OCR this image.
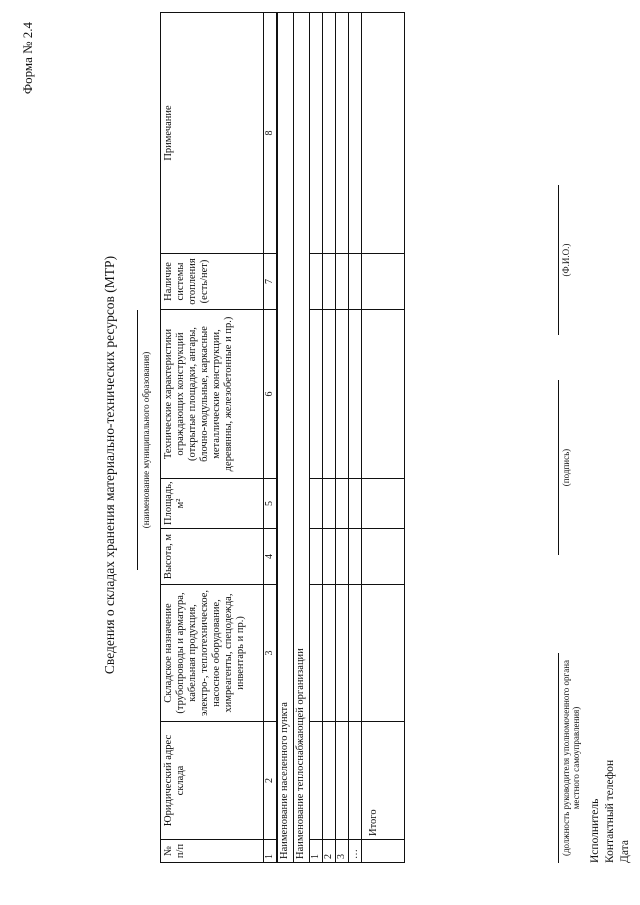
Форма № 2.4
Сведения о складах хранения материально-технических ресурсов (МТР)	(наименование муниципального образования)
№ п/п	Юридический адрес склада	Складское назначение (трубопроводы и арматура, кабельная продукция, электро-, теплотехническое, насосное оборудование, химреагенты, спецодежда, инвентарь и пр.)	Высота, м	Площадь, м²	Технические характеристики ограждающих конструкций (открытые площадки, ангары, блочно-модульные, каркасные металлические конструкции, деревянны, железобетонные и пр.)	Наличие системы отопления (есть/нет)	Примечание
1	2	3	4	5	6	7	8
Наименование населенного пункта							
Наименование теплоснабжающей организации							
1							
2							
3							
…							
	Итого							(должность руководителя уполномоченного органа местного самоуправления)
(подпись)
(Ф.И.О.)
Исполнитель Контактный телефон Дата
